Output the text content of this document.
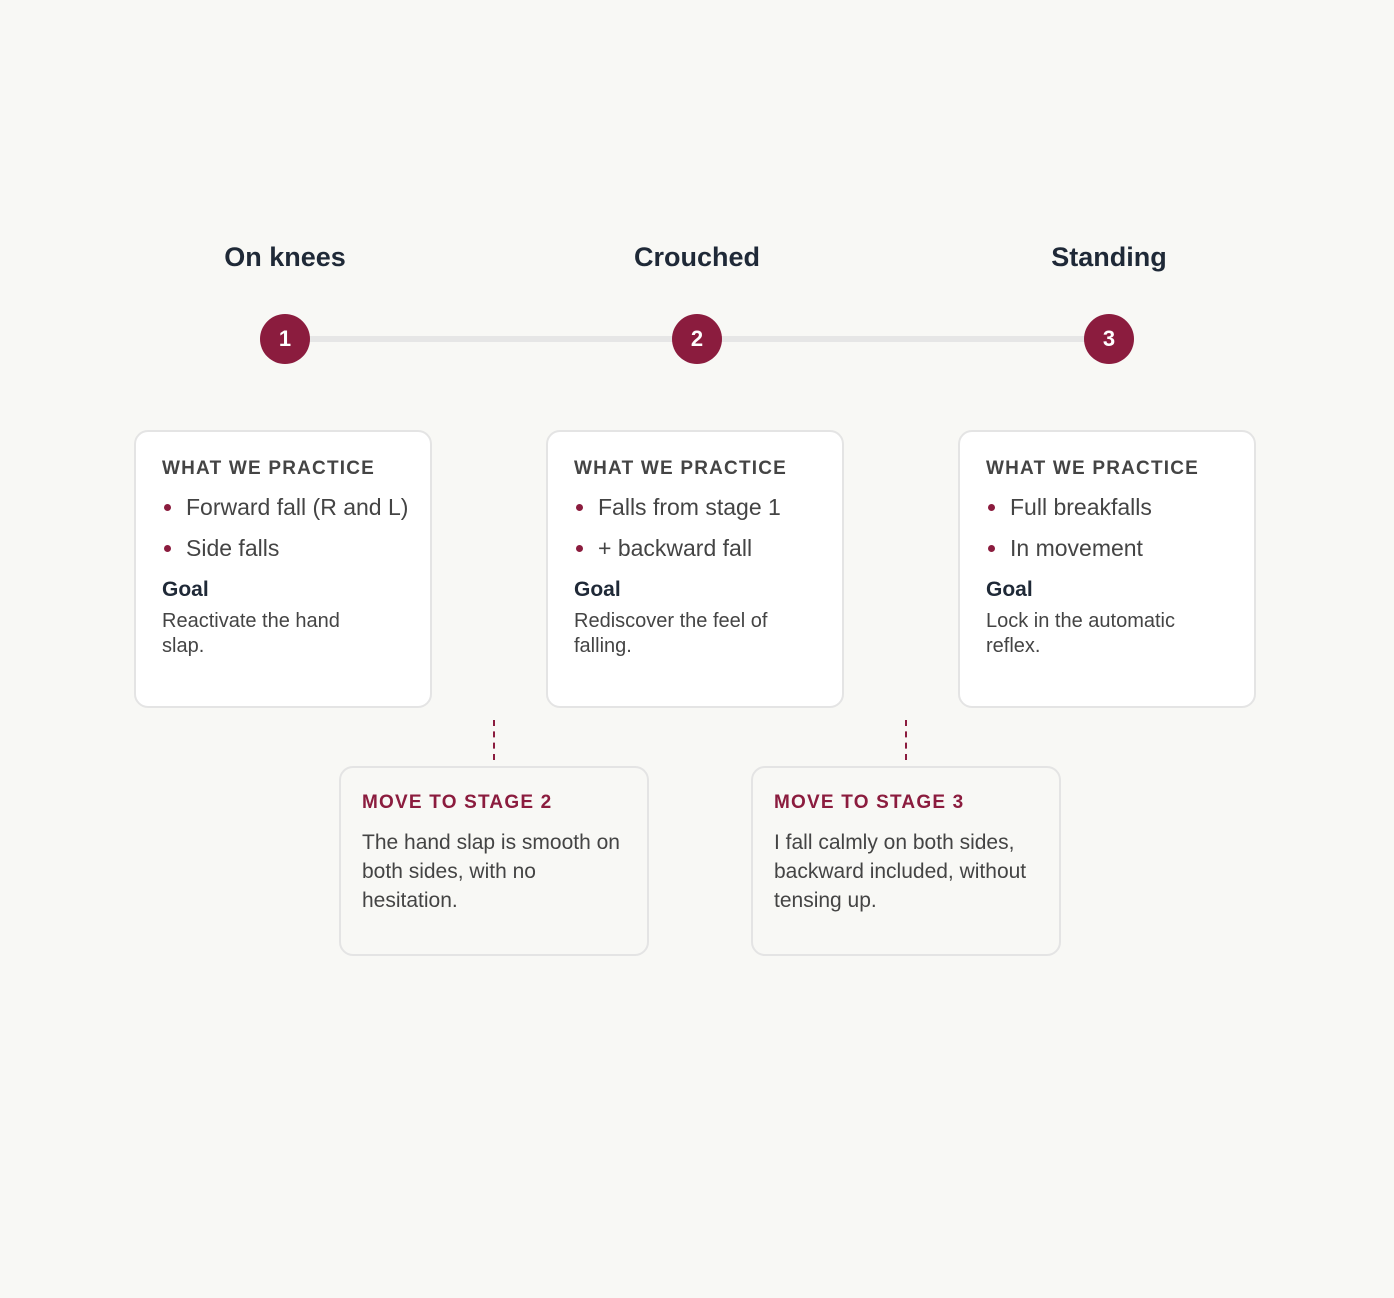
On knees	Crouched	Standing
1	2	3
WHAT WE PRACTICE
Forward fall (R and L)
Side falls
Goal
Reactivate the hand slap.
WHAT WE PRACTICE
Falls from stage 1
+ backward fall
Goal
Rediscover the feel of falling.
WHAT WE PRACTICE
Full breakfalls
In movement
Goal
Lock in the automatic reflex.
MOVE TO STAGE 2
The hand slap is smooth on both sides, with no hesitation.
MOVE TO STAGE 3
I fall calmly on both sides, backward included, without tensing up.
